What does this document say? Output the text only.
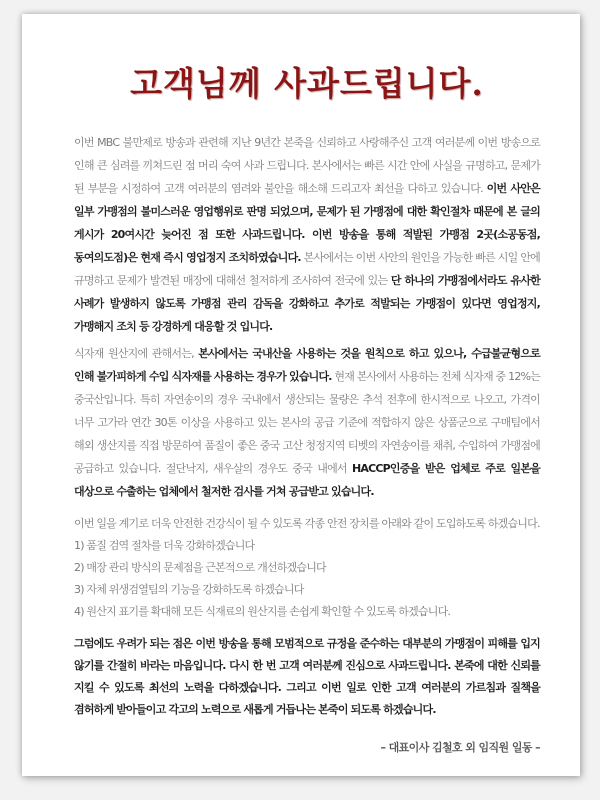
고객님께 사과드립니다.

이번 MBC 불만제로 방송과 관련해 지난 9년간 본죽을 신뢰하고 사랑해주신 고객 여러분께 이번 방송으로 인해 큰 심려를 끼쳐드린 점 머리 숙여 사과 드립니다. 본사에서는 빠른 시간 안에 사실을 규명하고, 문제가 된 부분을 시정하여 고객 여러분의 염려와 불안을 해소해 드리고자 최선을 다하고 있습니다. 이번 사안은 일부 가맹점의 불미스러운 영업행위로 판명 되었으며, 문제가 된 가맹점에 대한 확인절차 때문에 본 글의 게시가 20여시간 늦어진 점 또한 사과드립니다. 이번 방송을 통해 적발된 가맹점 2곳(소공동점, 동여의도점)은 현재 즉시 영업정지 조치하였습니다. 본사에서는 이번 사안의 원인을 가능한 빠른 시일 안에 규명하고 문제가 발견된 매장에 대해선 철저하게 조사하여 전국에 있는 단 하나의 가맹점에서라도 유사한 사례가 발생하지 않도록 가맹점 관리 감독을 강화하고 추가로 적발되는 가맹점이 있다면 영업정지, 가맹해지 조치 등 강경하게 대응할 것 입니다.

식자재 원산지에 관해서는, 본사에서는 국내산을 사용하는 것을 원칙으로 하고 있으나, 수급불균형으로 인해 불가피하게 수입 식자재를 사용하는 경우가 있습니다. 현재 본사에서 사용하는 전체 식자재 중 12%는 중국산입니다. 특히 자연송이의 경우 국내에서 생산되는 물량은 추석 전후에 한시적으로 나오고, 가격이 너무 고가라 연간 30톤 이상을 사용하고 있는 본사의 공급 기준에 적합하지 않은 상품군으로 구매팀에서 해외 생산지를 직접 방문하여 품질이 좋은 중국 고산 청정지역 티벳의 자연송이를 채취, 수입하여 가맹점에 공급하고 있습니다. 절단낙지, 새우살의 경우도 중국 내에서 HACCP인증을 받은 업체로 주로 일본을 대상으로 수출하는 업체에서 철저한 검사를 거쳐 공급받고 있습니다.

이번 일을 계기로 더욱 안전한 건강식이 될 수 있도록 각종 안전 장치를 아래와 같이 도입하도록 하겠습니다.

1) 품질 검역 절차를 더욱 강화하겠습니다
2) 매장 관리 방식의 문제점을 근본적으로 개선하겠습니다
3) 자체 위생검열팀의 기능을 강화하도록 하겠습니다
4) 원산지 표기를 확대해 모든 식재료의 원산지를 손쉽게 확인할 수 있도록 하겠습니다.

그럼에도 우려가 되는 점은 이번 방송을 통해 모범적으로 규정을 준수하는 대부분의 가맹점이 피해를 입지 않기를 간절히 바라는 마음입니다. 다시 한 번 고객 여러분께 진심으로 사과드립니다. 본죽에 대한 신뢰를 지킬 수 있도록 최선의 노력을 다하겠습니다. 그리고 이번 일로 인한 고객 여러분의 가르침과 질책을 겸허하게 받아들이고 각고의 노력으로 새롭게 거듭나는 본죽이 되도록 하겠습니다.

– 대표이사 김철호 외 임직원 일동 –
